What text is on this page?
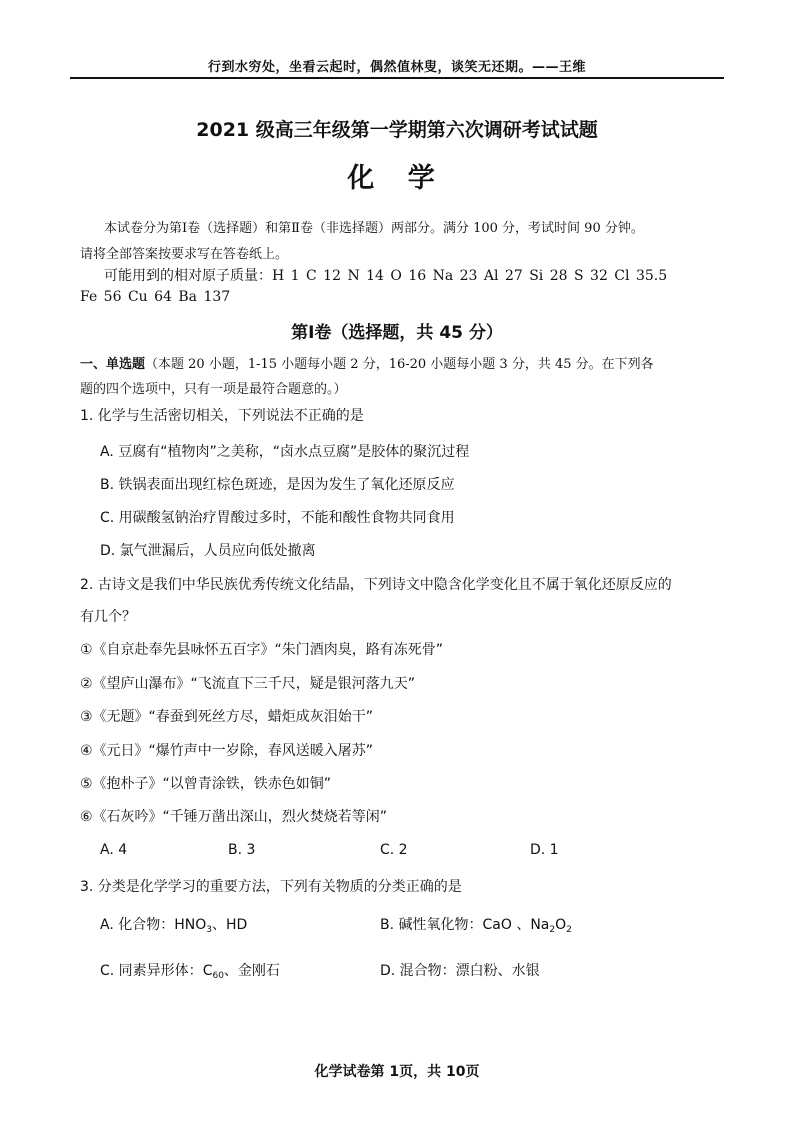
行到水穷处，坐看云起时，偶然值林叟，谈笑无还期。——王维
2021 级高三年级第一学期第六次调研考试试题
化 学
本试卷分为第Ⅰ卷（选择题）和第Ⅱ卷（非选择题）两部分。满分 100 分，考试时间 90 分钟。
请将全部答案按要求写在答卷纸上。
可能用到的相对原子质量：H 1 C 12 N 14 O 16 Na 23 Al 27 Si 28 S 32 Cl 35.5
Fe 56 Cu 64 Ba 137
第Ⅰ卷（选择题，共 45 分）
一、单选题（本题 20 小题，1-15 小题每小题 2 分，16-20 小题每小题 3 分，共 45 分。在下列各
题的四个选项中，只有一项是最符合题意的。）
1. 化学与生活密切相关，下列说法不正确的是
A. 豆腐有“植物肉”之美称，“卤水点豆腐”是胶体的聚沉过程
B. 铁锅表面出现红棕色斑迹，是因为发生了氧化还原反应
C. 用碳酸氢钠治疗胃酸过多时，不能和酸性食物共同食用
D. 氯气泄漏后，人员应向低处撤离
2. 古诗文是我们中华民族优秀传统文化结晶，下列诗文中隐含化学变化且不属于氧化还原反应的
有几个？
①《自京赴奉先县咏怀五百字》“朱门酒肉臭，路有冻死骨”
②《望庐山瀑布》“飞流直下三千尺，疑是银河落九天”
③《无题》“春蚕到死丝方尽，蜡炬成灰泪始干”
④《元日》“爆竹声中一岁除，春风送暖入屠苏”
⑤《抱朴子》“以曾青涂铁，铁赤色如铜”
⑥《石灰吟》“千锤万凿出深山，烈火焚烧若等闲”
A. 4	B. 3	C. 2	D. 1
3. 分类是化学学习的重要方法，下列有关物质的分类正确的是
A. 化合物：$HNO_3$、HD	B. 碱性氧化物：CaO 、$Na_2O_2$
C. 同素异形体：$C_{60}$、金刚石	D. 混合物：漂白粉、水银
化学试卷第 1页，共 10页
